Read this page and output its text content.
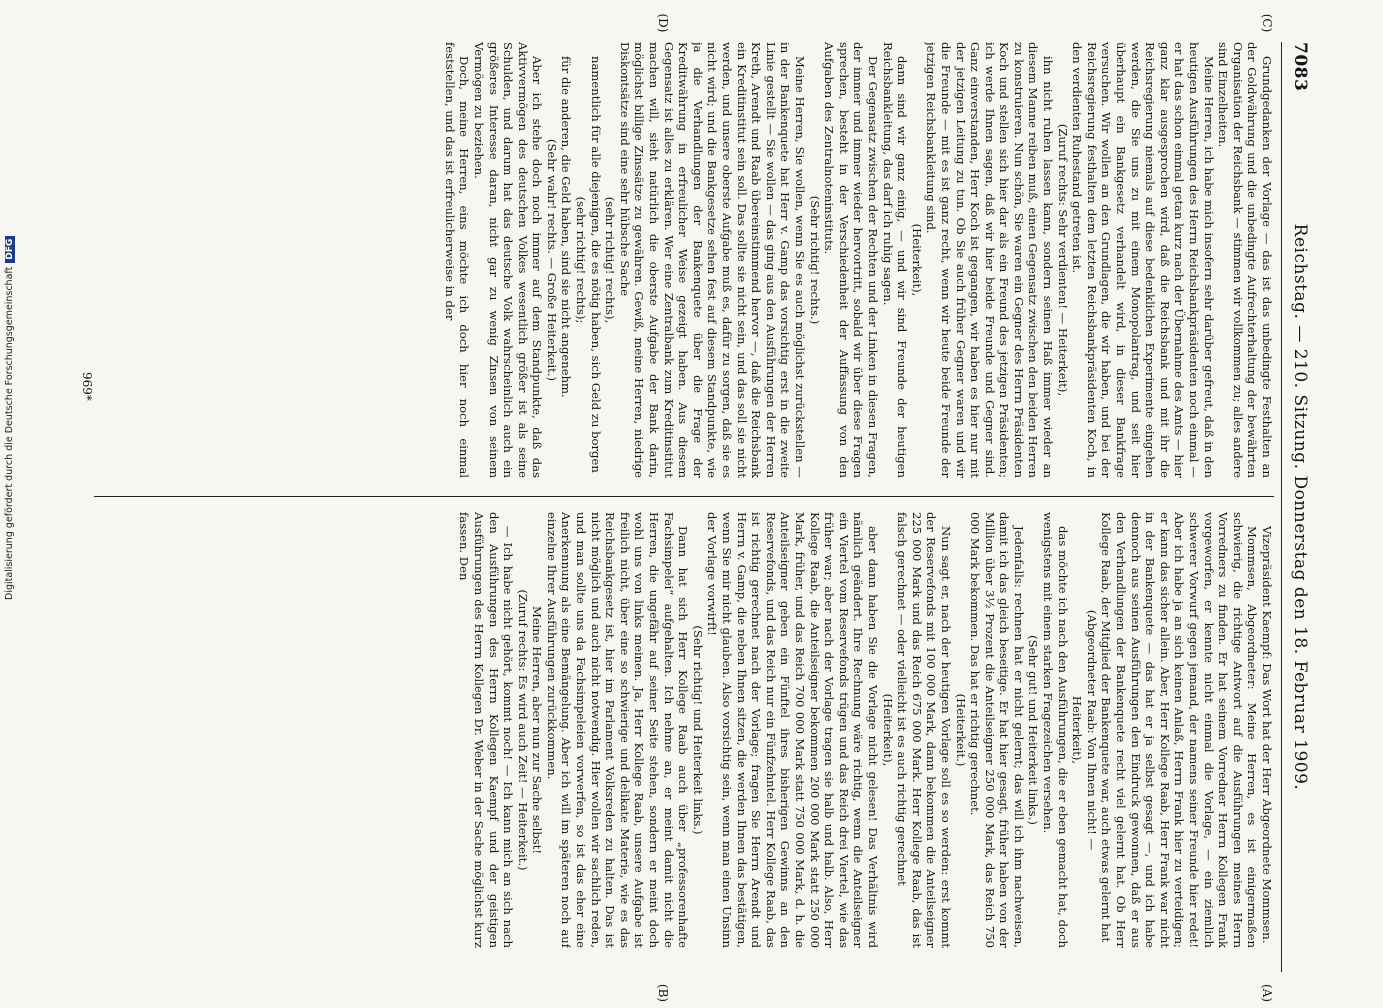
Reichstag. — 210. Sitzung. Donnerstag den 18. Februar 1909.
7083
(C)
(D)
(A)
(B)

Grundgedanken der Vorlage — das ist das unbedingte Festhalten an der Goldwährung und die unbedingte Aufrechterhaltung der bewährten Organisation der Reichsbank — stimmen wir vollkommen zu; alles andere sind Einzelheiten.

Meine Herren, ich habe mich insofern sehr darüber gefreut, daß in den heutigen Ausführungen des Herrn Reichsbankpräsidenten noch einmal — er hat das schon einmal getan kurz nach der Übernahme des Amts — hier ganz klar ausgesprochen wird, daß die Reichsbank und mit ihr die Reichsregierung niemals auf diese bedenklichen Experimente eingehen werden, die Sie uns zu mit einem Monopolantrag, und seit hier überhaupt ein Bankgesetz verhandelt wird, in dieser Bankfrage versuchen. Wir wollen an den Grundlagen, die wir haben, und bei der Reichsregierung festhalten dem letzten Reichsbankpräsidenten Koch, in den verdienten Ruhestand getreten ist.

(Zuruf rechts: Sehr verdienten! — Heiterkeit),

ihn nicht ruhen lassen kann, sondern seinen Haß immer wieder an diesem Manne reiben muß, einen Gegensatz zwischen den beiden Herren zu konstruieren. Nun schön, Sie waren ein Gegner des Herrn Präsidenten Koch und stellen sich hier dar als ein Freund des jetzigen Präsidenten; ich werde Ihnen sagen, daß wir hier beide Freunde und Gegner sind. Ganz einverstanden, Herr Koch ist gegangen, wir haben es hier nur mit der jetzigen Leitung zu tun. Ob Sie auch früher Gegner waren und wir die Freunde — mit es ist ganz recht, wenn wir heute beide Freunde der jetzigen Reichsbankleitung sind.

(Heiterkeit),

dann sind wir ganz einig, — und wir sind Freunde der heutigen Reichsbankleitung, das darf ich ruhig sagen.

Der Gegensatz zwischen der Rechten und der Linken in diesen Fragen, der immer und immer wieder hervortritt, sobald wir über diese Fragen sprechen, besteht in der Verschiedenheit der Auffassung von den Aufgaben des Zentralnoteninstituts.

(Sehr richtig! rechts.)

Meine Herren, Sie wollen, wenn Sie es auch möglichst zurückstellen — in der Bankenquete hat Herr v. Gamp das vorsichtig erst in die zweite Linie gestellt — Sie wollen — das ging aus den Ausführungen der Herren Kreth, Arendt und Raab übereinstimmend hervor —, daß die Reichsbank ein Kreditinstitut sein soll. Das sollte sie nicht sein, und das soll sie nicht werden, und unsere oberste Aufgabe muß es, dafür zu sorgen, daß sie es nicht wird; und die Bankgesetze sehen fest auf diesem Standpunkte, wie ja die Verhandlungen der Bankenquete über die Frage der Kreditwährung in erfreulicher Weise gezeigt haben. Aus diesem Gegensatz ist alles zu erklären. Wer eine Zentralbank zum Kreditinstitut machen will, sieht natürlich die oberste Aufgabe der Bank darin, möglichst billige Zinssätze zu gewähren. Gewiß, meine Herren, niedrige Diskontsätze sind eine sehr hübsche Sache

(sehr richtig! rechts),

namentlich für alle diejenigen, die es nötig haben, sich Geld zu borgen

(sehr richtig! rechts);

für die anderen, die Geld haben, sind sie nicht angenehm.

(Sehr wahr! rechts. — Große Heiterkeit.)

Aber ich stehe doch noch immer auf dem Standpunkte, daß das Aktivvermögen des deutschen Volkes wesentlich größer ist als seine Schulden, und darum hat das deutsche Volk wahrscheinlich auch ein größeres Interesse daran, nicht gar zu wenig Zinsen von seinem Vermögen zu beziehen.

Doch, meine Herren, eins möchte ich doch hier noch einmal feststellen, und das ist erfreulicherweise in der

Vizepräsident Kaempf: Das Wort hat der Herr Abgeordnete Mommsen.

Mommsen, Abgeordneter: Meine Herren, es ist einigermaßen schwierig, die richtige Antwort auf die Ausführungen meines Herrn Vorredners zu finden. Er hat seinem Vorredner Herrn Kollegen Frank vorgeworfen, er kennte nicht einmal die Vorlage, — ein ziemlich schwerer Vorwurf gegen jemand, der namens seiner Freunde hier redet! Aber ich habe ja an sich keinen Anlaß, Herrn Frank hier zu verteidigen; er kann das sicher allein. Aber, Herr Kollege Raab, Herr Frank war nicht in der Bankenquete — das hat er ja selbst gesagt —, und ich habe dennoch aus seinen Ausführungen den Eindruck gewonnen, daß er aus den Verhandlungen der Bankenquete recht viel gelernt hat. Ob Herr Kollege Raab, der Mitglied der Bankenquete war, auch etwas gelernt hat

(Abgeordneter Raab: Von Ihnen nicht! —

Heiterkeit),

das möchte ich nach den Ausführungen, die er eben gemacht hat, doch wenigstens mit einem starken Fragezeichen versehen.

(Sehr gut! und Heiterkeit links.)

Jedenfalls: rechnen hat er nicht gelernt; das will ich ihm nachweisen, damit ich das gleich beseitige. Er hat hier gesagt, früher haben von der Million über 3½ Prozent die Anteilseigner 250 000 Mark, das Reich 750 000 Mark bekommen. Das hat er richtig gerechnet.

(Heiterkeit.)

Nun sagt er, nach der heutigen Vorlage soll es so werden: erst kommt der Reservefonds mit 100 000 Mark, dann bekommen die Anteilseigner 225 000 Mark und das Reich 675 000 Mark. Herr Kollege Raab, das ist falsch gerechnet — oder vielleicht ist es auch richtig gerechnet

(Heiterkeit),

aber dann haben Sie die Vorlage nicht gelesen! Das Verhältnis wird nämlich geändert. Ihre Rechnung wäre richtig, wenn die Anteilseigner ein Viertel vom Reservefonds trügen und das Reich drei Viertel, wie das früher war; aber nach der Vorlage tragen sie halb und halb. Also, Herr Kollege Raab, die Anteilseigner bekommen 200 000 Mark statt 250 000 Mark, früher, und das Reich 700 000 Mark statt 750 000 Mark, d. h. die Anteilseigner geben ein Fünftel ihres bisherigen Gewinns an den Reservefonds, und das Reich nur ein Fünfzehntel. Herr Kollege Raab, das ist richtig gerechnet nach der Vorlage; fragen Sie Herrn Arendt und Herrn v. Gamp, die neben Ihnen sitzen, die werden Ihnen das bestätigen, wenn Sie mir nicht glauben. Also vorsichtig sein, wenn man einen Unsinn der Vorlage vorwirft!

(Sehr richtig! und Heiterkeit links.)

Dann hat sich Herr Kollege Raab auch über „professorenhafte Fachsimpelei“ aufgehalten. Ich nehme an, er meint damit nicht die Herren, die ungefähr auf seiner Seite stehen, sondern er meint doch wohl uns von links meinen. Ja, Herr Kollege Raab, unsere Aufgabe ist freilich nicht, über eine so schwierige und delikate Materie, wie es das Reichsbankgesetz ist, hier im Parlament Volksreden zu halten. Das ist nicht möglich und auch nicht notwendig. Hier wollen wir sachlich reden, und man sollte uns da Fachsimpeleien vorwerfen, so ist das eher eine Anerkennung als eine Bemängelung. Aber ich will im späteren noch auf einzelne Ihrer Ausführungen zurückkommen.

Meine Herren, aber nun zur Sache selbst!

(Zuruf rechts: Es wird auch Zeit! — Heiterkeit.)

— Ich habe nicht gehört, kommt noch! — Ich kann mich an sich nach den Ausführungen des Herrn Kollegen Kaempf und der geistigen Ausführungen des Herrn Kollegen Dr. Weber in der Sache möglichst kurz fassen. Den

969*
Digitalisierung gefördert durch die Deutsche ForschungsgemeinschaftDFG
